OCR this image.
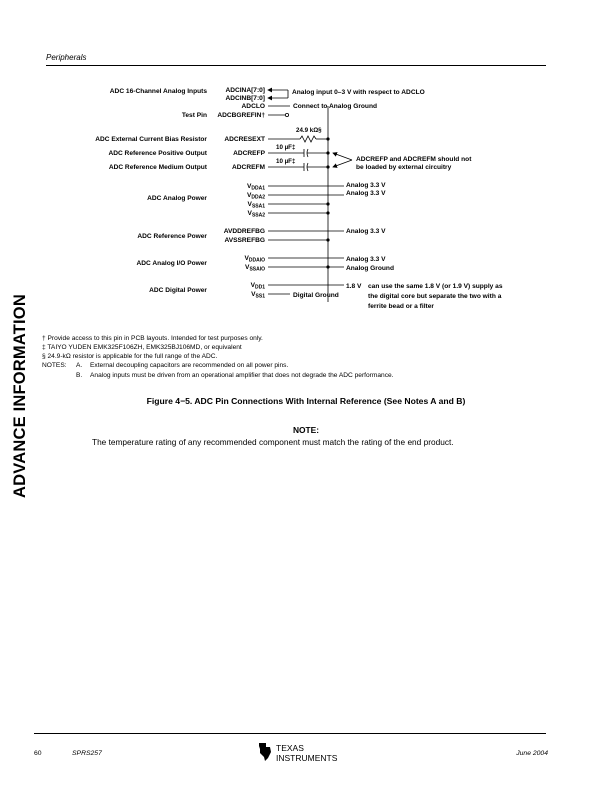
Peripherals
ADVANCE INFORMATION
ADC 16-Channel Analog Inputs
Test Pin
ADC External Current Bias Resistor
ADC Reference Positive Output
ADC Reference Medium Output
ADC Analog Power
ADC Reference Power
ADC Analog I/O Power
ADC Digital Power
ADCINA[7:0]
ADCINB[7:0]
ADCLO
ADCBGREFIN†
ADCRESEXT
ADCREFP
ADCREFM
$V_{DDA1}$
$V_{DDA2}$
$V_{SSA1}$
$V_{SSA2}$
AVDDREFBG
AVSSREFBG
$V_{DDAIO}$
$V_{SSAIO}$
$V_{DD1}$
$V_{SS1}$
Analog input 0–3 V with respect to ADCLO
Connect to Analog Ground
24.9 kΩ§
10 µF‡
10 µF‡	ADCREFP and ADCREFM should not
be loaded by external circuitry
Analog 3.3 V
Analog 3.3 V
Analog 3.3 V
Analog 3.3 V
Analog Ground
1.8 V can use the same 1.8 V (or 1.9 V) supply as
the digital core but separate the two with a
ferrite bead or a filter
Digital Ground
† Provide access to this pin in PCB layouts. Intended for test purposes only.
‡ TAIYO YUDEN EMK325F106ZH, EMK325BJ106MD, or equivalent
§ 24.9-kΩ resistor is applicable for the full range of the ADC.
NOTES: A. External decoupling capacitors are recommended on all power pins.
B. Analog inputs must be driven from an operational amplifier that does not degrade the ADC performance.
Figure 4−5. ADC Pin Connections With Internal Reference (See Notes A and B)
NOTE:
The temperature rating of any recommended component must match the rating of the end product.
60	SPRS257
TEXAS
INSTRUMENTS	June 2004
